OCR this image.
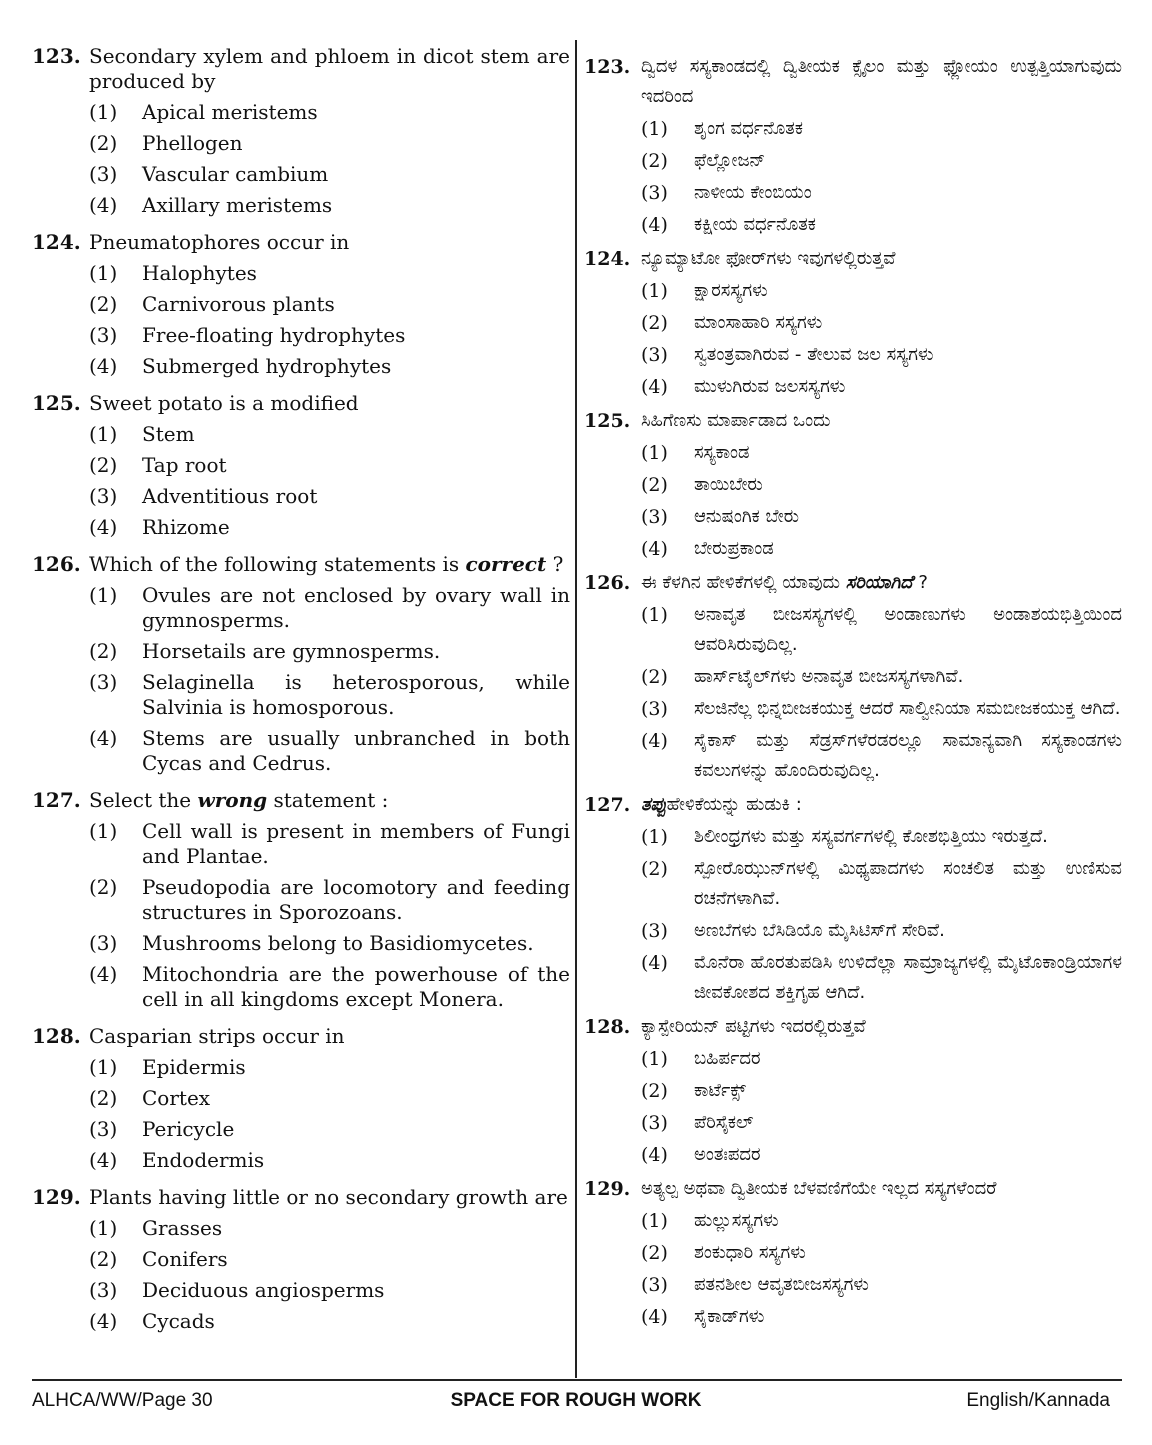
123. Secondary xylem and phloem in dicot stem are produced by
(1)	Apical meristems
(2)	Phellogen
(3)	Vascular cambium
(4)	Axillary meristems
124. Pneumatophores occur in
(1)	Halophytes
(2)	Carnivorous plants
(3)	Free-floating hydrophytes
(4)	Submerged hydrophytes
125. Sweet potato is a modified
(1)	Stem
(2)	Tap root
(3)	Adventitious root
(4)	Rhizome
126. Which of the following statements is correct ?
(1)	Ovules are not enclosed by ovary wall in gymnosperms.
(2)	Horsetails are gymnosperms.
(3)	Selaginella is heterosporous, while Salvinia is homosporous.
(4)	Stems are usually unbranched in both Cycas and Cedrus.
127. Select the wrong statement :
(1)	Cell wall is present in members of Fungi and Plantae.
(2)	Pseudopodia are locomotory and feeding structures in Sporozoans.
(3)	Mushrooms belong to Basidiomycetes.
(4)	Mitochondria are the powerhouse of the cell in all kingdoms except Monera.
128. Casparian strips occur in
(1)	Epidermis
(2)	Cortex
(3)	Pericycle
(4)	Endodermis
129. Plants having little or no secondary growth are
(1)	Grasses
(2)	Conifers
(3)	Deciduous angiosperms
(4)	Cycads
123. ದ್ವಿದಳ ಸಸ್ಯಕಾಂಡದಲ್ಲಿ ದ್ವಿತೀಯಕ ಕ್ಸೈಲಂ ಮತ್ತು ಫ್ಲೋಯಂ ಉತ್ಪತ್ತಿಯಾಗುವುದು ಇದರಿಂದ
(1)	ಶೃಂಗ ವರ್ಧನೊತಕ
(2)	ಫೆಲ್ಲೋಜನ್
(3)	ನಾಳೀಯ ಕೇಂಬಿಯಂ
(4)	ಕಕ್ಷೀಯ ವರ್ಧನೊತಕ
124. ನ್ಯೂಮ್ಯಾಟೋ ಫೋರ್‌ಗಳು ಇವುಗಳಲ್ಲಿರುತ್ತವೆ
(1)	ಕ್ಷಾರಸಸ್ಯಗಳು
(2)	ಮಾಂಸಾಹಾರಿ ಸಸ್ಯಗಳು
(3)	ಸ್ವತಂತ್ರವಾಗಿರುವ - ತೇಲುವ ಜಲ ಸಸ್ಯಗಳು
(4)	ಮುಳುಗಿರುವ ಜಲಸಸ್ಯಗಳು
125. ಸಿಹಿಗೆಣಸು ಮಾರ್ಪಾಡಾದ ಒಂದು
(1)	ಸಸ್ಯಕಾಂಡ
(2)	ತಾಯಿಬೇರು
(3)	ಆನುಷಂಗಿಕ ಬೇರು
(4)	ಬೇರುಪ್ರಕಾಂಡ
126. ಈ ಕೆಳಗಿನ ಹೇಳಿಕೆಗಳಲ್ಲಿ ಯಾವುದು ಸರಿಯಾಗಿದೆ ?
(1)	ಅನಾವೃತ ಬೀಜಸಸ್ಯಗಳಲ್ಲಿ ಅಂಡಾಣುಗಳು ಅಂಡಾಶಯಭಿತ್ತಿಯಿಂದ ಆವರಿಸಿರುವುದಿಲ್ಲ.
(2)	ಹಾರ್ಸ್‌ಟೈಲ್‌ಗಳು ಅನಾವೃತ ಬೀಜಸಸ್ಯಗಳಾಗಿವೆ.
(3)	ಸೆಲಜಿನೆಲ್ಲ ಭಿನ್ನಬೀಜಕಯುಕ್ತ ಆದರೆ ಸಾಲ್ವೀನಿಯಾ ಸಮಬೀಜಕಯುಕ್ತ ಆಗಿದೆ.
(4)	ಸೈಕಾಸ್ ಮತ್ತು ಸೆಡ್ರಸ್‌ಗಳೆರಡರಲ್ಲೂ ಸಾಮಾನ್ಯವಾಗಿ ಸಸ್ಯಕಾಂಡಗಳು ಕವಲುಗಳನ್ನು ಹೊಂದಿರುವುದಿಲ್ಲ.
127. ತಪ್ಪುಹೇಳಿಕೆಯನ್ನು ಹುಡುಕಿ :
(1)	ಶಿಲೀಂಧ್ರಗಳು ಮತ್ತು ಸಸ್ಯವರ್ಗಗಳಲ್ಲಿ ಕೋಶಭಿತ್ತಿಯು ಇರುತ್ತದೆ.
(2)	ಸ್ಪೋರೊಝುನ್‌ಗಳಲ್ಲಿ ಮಿಥ್ಯಪಾದಗಳು ಸಂಚಲಿತ ಮತ್ತು ಉಣಿಸುವ ರಚನೆಗಳಾಗಿವೆ.
(3)	ಅಣಬೆಗಳು ಬೆಸಿಡಿಯೊ ಮೈಸಿಟಿಸ್‌ಗೆ ಸೇರಿವೆ.
(4)	ಮೊನೆರಾ ಹೊರತುಪಡಿಸಿ ಉಳಿದೆಲ್ಲಾ ಸಾಮ್ರಾಜ್ಯಗಳಲ್ಲಿ ಮೈಟೊಕಾಂಡ್ರಿಯಾಗಳ ಜೀವಕೋಶದ ಶಕ್ತಿಗೃಹ ಆಗಿದೆ.
128. ಕ್ಯಾಸ್ಪೇರಿಯನ್ ಪಟ್ಟಿಗಳು ಇದರಲ್ಲಿರುತ್ತವೆ
(1)	ಬಹಿರ್ಪದರ
(2)	ಕಾರ್ಟೆಕ್ಸ್
(3)	ಪೆರಿಸೈಕಲ್
(4)	ಅಂತಃಪದರ
129. ಅತ್ಯಲ್ಪ ಅಥವಾ ದ್ವಿತೀಯಕ ಬೆಳವಣಿಗೆಯೇ ಇಲ್ಲದ ಸಸ್ಯಗಳೆಂದರೆ
(1)	ಹುಲ್ಲುಸಸ್ಯಗಳು
(2)	ಶಂಕುಧಾರಿ ಸಸ್ಯಗಳು
(3)	ಪತನಶೀಲ ಆವೃತಬೀಜಸಸ್ಯಗಳು
(4)	ಸೈಕಾಡ್‌ಗಳು
ALHCA/WW/Page 30	SPACE FOR ROUGH WORK	English/Kannada
